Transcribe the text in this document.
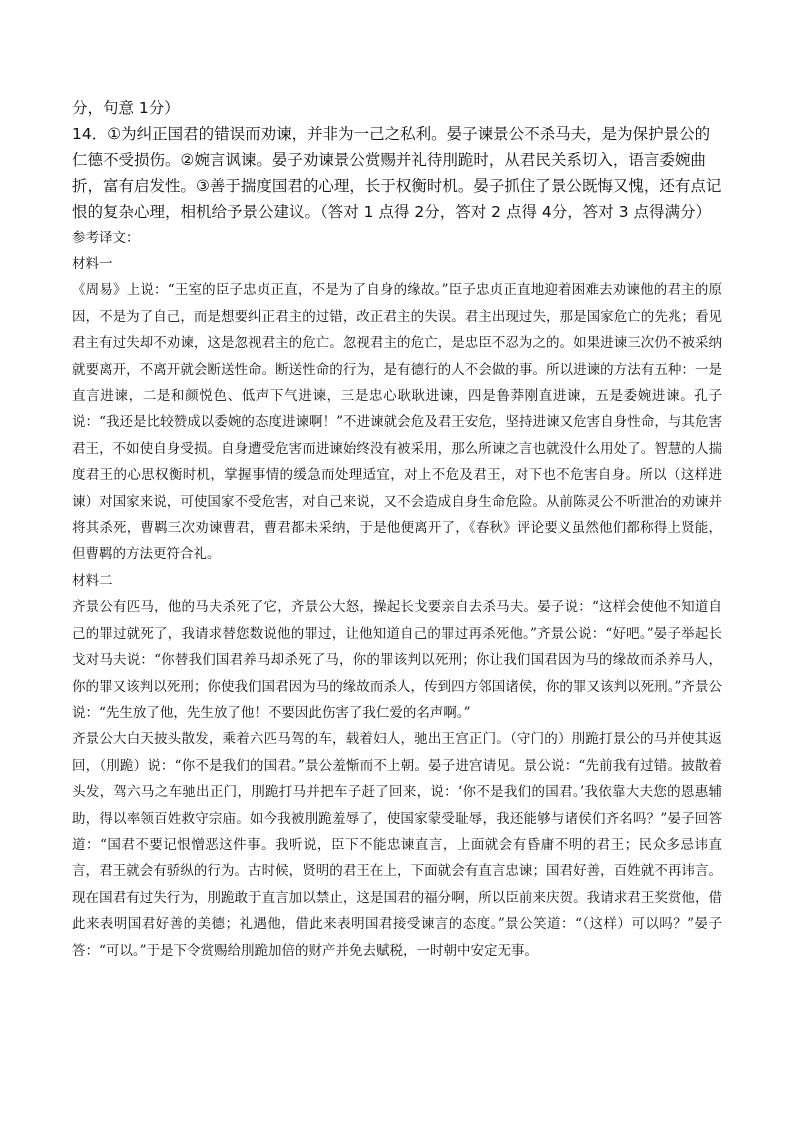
分，句意 1分）

14．①为纠正国君的错误而劝谏，并非为一己之私利。晏子谏景公不杀马夫，是为保护景公的仁德不受损伤。②婉言讽谏。晏子劝谏景公赏赐并礼待刖跪时，从君民关系切入，语言委婉曲折，富有启发性。③善于揣度国君的心理，长于权衡时机。晏子抓住了景公既悔又愧，还有点记恨的复杂心理，相机给予景公建议。（答对 1 点得 2分，答对 2 点得 4分，答对 3 点得满分）

参考译文：

材料一

《周易》上说：“王室的臣子忠贞正直，不是为了自身的缘故。”臣子忠贞正直地迎着困难去劝谏他的君主的原因，不是为了自己，而是想要纠正君主的过错，改正君主的失误。君主出现过失，那是国家危亡的先兆；看见君主有过失却不劝谏，这是忽视君主的危亡。忽视君主的危亡，是忠臣不忍为之的。如果进谏三次仍不被采纳就要离开，不离开就会断送性命。断送性命的行为，是有德行的人不会做的事。所以进谏的方法有五种：一是直言进谏，二是和颜悦色、低声下气进谏，三是忠心耿耿进谏，四是鲁莽刚直进谏，五是委婉进谏。孔子说：“我还是比较赞成以委婉的态度进谏啊！”不进谏就会危及君王安危，坚持进谏又危害自身性命，与其危害君王，不如使自身受损。自身遭受危害而进谏始终没有被采用，那么所谏之言也就没什么用处了。智慧的人揣度君王的心思权衡时机，掌握事情的缓急而处理适宜，对上不危及君王，对下也不危害自身。所以（这样进谏）对国家来说，可使国家不受危害，对自己来说，又不会造成自身生命危险。从前陈灵公不听泄冶的劝谏并将其杀死，曹羁三次劝谏曹君，曹君都未采纳，于是他便离开了，《春秋》评论要义虽然他们都称得上贤能，但曹羁的方法更符合礼。

材料二

齐景公有匹马，他的马夫杀死了它，齐景公大怒，操起长戈要亲自去杀马夫。晏子说：“这样会使他不知道自己的罪过就死了，我请求替您数说他的罪过，让他知道自己的罪过再杀死他。”齐景公说：“好吧。”晏子举起长戈对马夫说：“你替我们国君养马却杀死了马，你的罪该判以死刑；你让我们国君因为马的缘故而杀养马人，你的罪又该判以死刑；你使我们国君因为马的缘故而杀人，传到四方邻国诸侯，你的罪又该判以死刑。”齐景公说：“先生放了他，先生放了他！不要因此伤害了我仁爱的名声啊。”

齐景公大白天披头散发，乘着六匹马驾的车，载着妇人，驰出王宫正门。（守门的）刖跪打景公的马并使其返回，（刖跪）说：“你不是我们的国君。”景公羞惭而不上朝。晏子进宫请见。景公说：“先前我有过错。披散着头发，驾六马之车驰出正门，刖跪打马并把车子赶了回来，说：‘你不是我们的国君。’我依靠大夫您的恩惠辅助，得以率领百姓救守宗庙。如今我被刖跪羞辱了，使国家蒙受耻辱，我还能够与诸侯们齐名吗？”晏子回答道：“国君不要记恨憎恶这件事。我听说，臣下不能忠谏直言，上面就会有昏庸不明的君王；民众多忌讳直言，君王就会有骄纵的行为。古时候，贤明的君王在上，下面就会有直言忠谏；国君好善，百姓就不再讳言。现在国君有过失行为，刖跪敢于直言加以禁止，这是国君的福分啊，所以臣前来庆贺。我请求君王奖赏他，借此来表明国君好善的美德；礼遇他，借此来表明国君接受谏言的态度。”景公笑道：“（这样）可以吗？”晏子答：“可以。”于是下令赏赐给刖跪加倍的财产并免去赋税，一时朝中安定无事。
